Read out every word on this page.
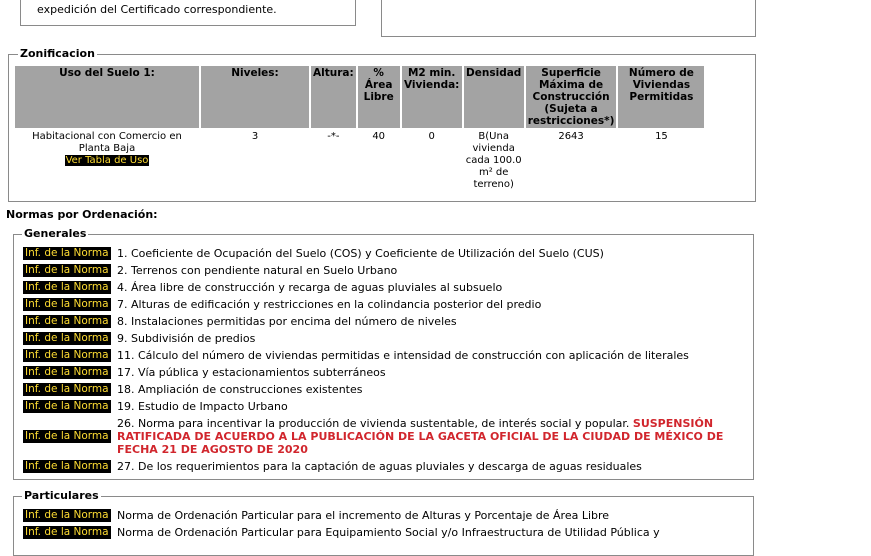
expedición del Certificado correspondiente.
Zonificacion
Uso del Suelo 1:	Niveles:	Altura:	% Área Libre	M2 min. Vivienda:	Densidad	Superficie Máxima de Construcción (Sujeta a restricciones*)	Número de Viviendas Permitidas

Habitacional con Comercio en Planta Baja
Ver Tabla de Uso	3	-*-	40	0	B(Una vivienda cada 100.0 m² de terreno)	2643	15
Normas por Ordenación:
Generales
Inf. de la Norma 1. Coeficiente de Ocupación del Suelo (COS) y Coeficiente de Utilización del Suelo (CUS)
Inf. de la Norma 2. Terrenos con pendiente natural en Suelo Urbano
Inf. de la Norma 4. Área libre de construcción y recarga de aguas pluviales al subsuelo
Inf. de la Norma 7. Alturas de edificación y restricciones en la colindancia posterior del predio
Inf. de la Norma 8. Instalaciones permitidas por encima del número de niveles
Inf. de la Norma 9. Subdivisión de predios
Inf. de la Norma 11. Cálculo del número de viviendas permitidas e intensidad de construcción con aplicación de literales
Inf. de la Norma 17. Vía pública y estacionamientos subterráneos
Inf. de la Norma 18. Ampliación de construcciones existentes
Inf. de la Norma 19. Estudio de Impacto Urbano
Inf. de la Norma
26. Norma para incentivar la producción de vivienda sustentable, de interés social y popular. SUSPENSIÓN RATIFICADA DE ACUERDO A LA PUBLICACIÓN DE LA GACETA OFICIAL DE LA CIUDAD DE MÉXICO DE FECHA 21 DE AGOSTO DE 2020
Inf. de la Norma 27. De los requerimientos para la captación de aguas pluviales y descarga de aguas residuales
Particulares
Inf. de la Norma Norma de Ordenación Particular para el incremento de Alturas y Porcentaje de Área Libre
Inf. de la Norma Norma de Ordenación Particular para Equipamiento Social y/o Infraestructura de Utilidad Pública y
